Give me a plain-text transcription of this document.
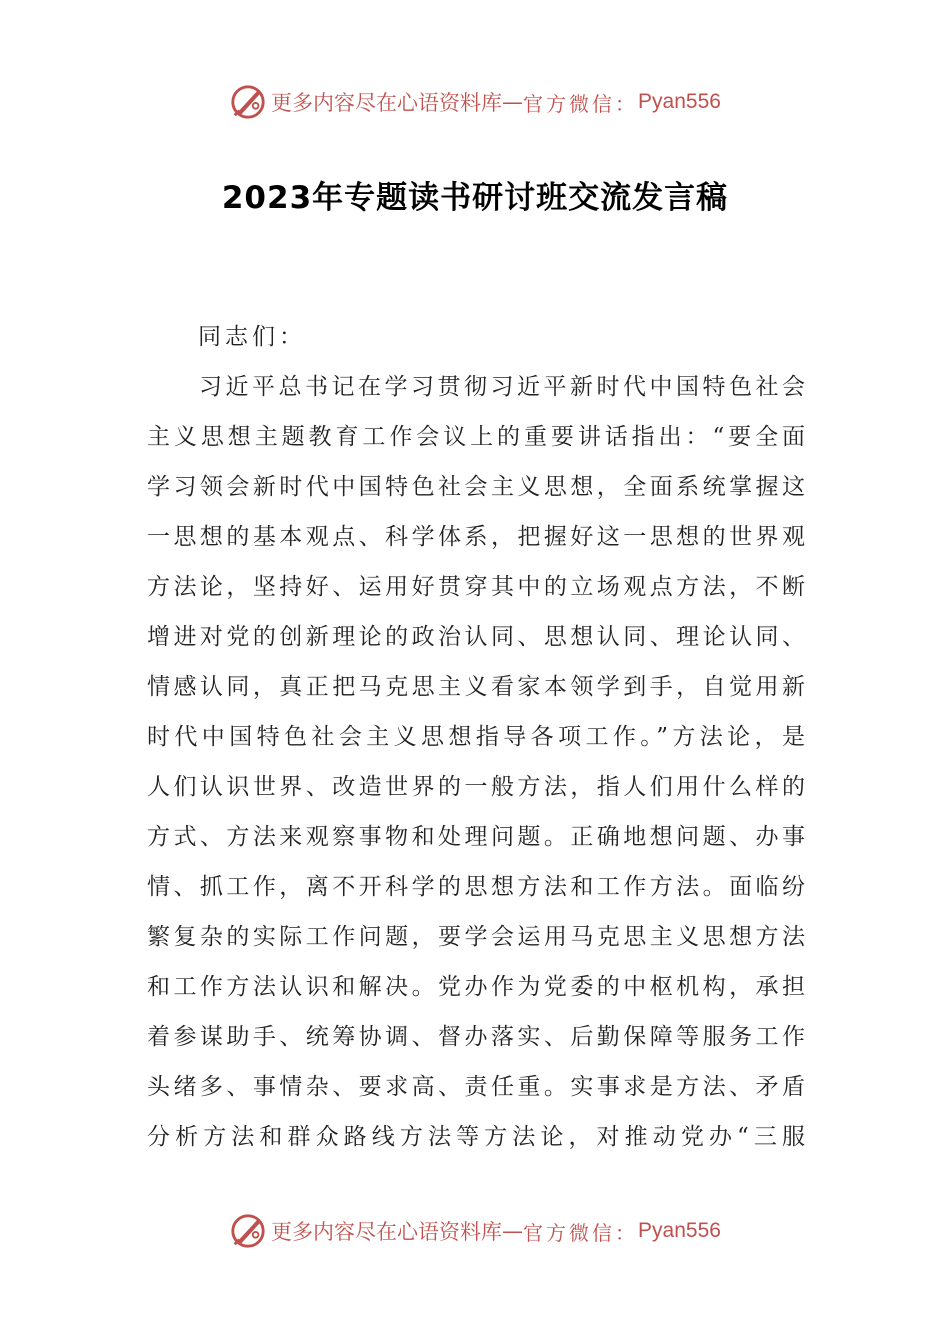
更多内容尽在心语资料库 — 官方微信： Pyan556
2023年专题读书研讨班交流发言稿
同志们：
习近平总书记在学习贯彻习近平新时代中国特色社会
主义思想主题教育工作会议上的重要讲话指出：“要全面
学习领会新时代中国特色社会主义思想，全面系统掌握这
一思想的基本观点、科学体系，把握好这一思想的世界观
方法论，坚持好、运用好贯穿其中的立场观点方法，不断
增进对党的创新理论的政治认同、思想认同、理论认同、
情感认同，真正把马克思主义看家本领学到手，自觉用新
时代中国特色社会主义思想指导各项工作。”方法论，是
人们认识世界、改造世界的一般方法，指人们用什么样的
方式、方法来观察事物和处理问题。正确地想问题、办事
情、抓工作，离不开科学的思想方法和工作方法。面临纷
繁复杂的实际工作问题，要学会运用马克思主义思想方法
和工作方法认识和解决。党办作为党委的中枢机构，承担
着参谋助手、统筹协调、督办落实、后勤保障等服务工作
头绪多、事情杂、要求高、责任重。实事求是方法、矛盾
分析方法和群众路线方法等方法论，对推动党办“三服
更多内容尽在心语资料库 — 官方微信： Pyan556
